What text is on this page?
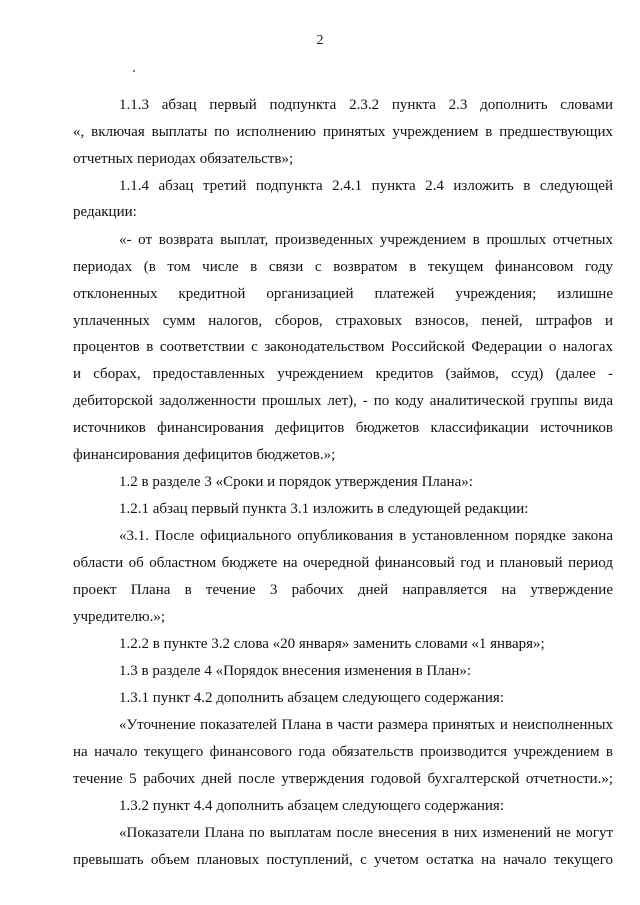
2
1.1.3 абзац первый подпункта 2.3.2 пункта 2.3 дополнить словами
«, включая выплаты по исполнению принятых учреждением в предшествующих
отчетных периодах обязательств»;
1.1.4 абзац третий подпункта 2.4.1 пункта 2.4 изложить в следующей
редакции:
«- от возврата выплат, произведенных учреждением в прошлых отчетных
периодах (в том числе в связи с возвратом в текущем финансовом году
отклоненных кредитной организацией платежей учреждения; излишне
уплаченных сумм налогов, сборов, страховых взносов, пеней, штрафов и
процентов в соответствии с законодательством Российской Федерации о налогах
и сборах, предоставленных учреждением кредитов (займов, ссуд) (далее -
дебиторской задолженности прошлых лет), - по коду аналитической группы вида
источников финансирования дефицитов бюджетов классификации источников
финансирования дефицитов бюджетов.»;
1.2 в разделе 3 «Сроки и порядок утверждения Плана»:
1.2.1 абзац первый пункта 3.1 изложить в следующей редакции:
«3.1. После официального опубликования в установленном порядке закона
области об областном бюджете на очередной финансовый год и плановый период
проект Плана в течение 3 рабочих дней направляется на утверждение
учредителю.»;
1.2.2 в пункте 3.2 слова «20 января» заменить словами «1 января»;
1.3 в разделе 4 «Порядок внесения изменения в План»:
1.3.1 пункт 4.2 дополнить абзацем следующего содержания:
«Уточнение показателей Плана в части размера принятых и неисполненных
на начало текущего финансового года обязательств производится учреждением в
течение 5 рабочих дней после утверждения годовой бухгалтерской отчетности.»;
1.3.2 пункт 4.4 дополнить абзацем следующего содержания:
«Показатели Плана по выплатам после внесения в них изменений не могут
превышать объем плановых поступлений, с учетом остатка на начало текущего
